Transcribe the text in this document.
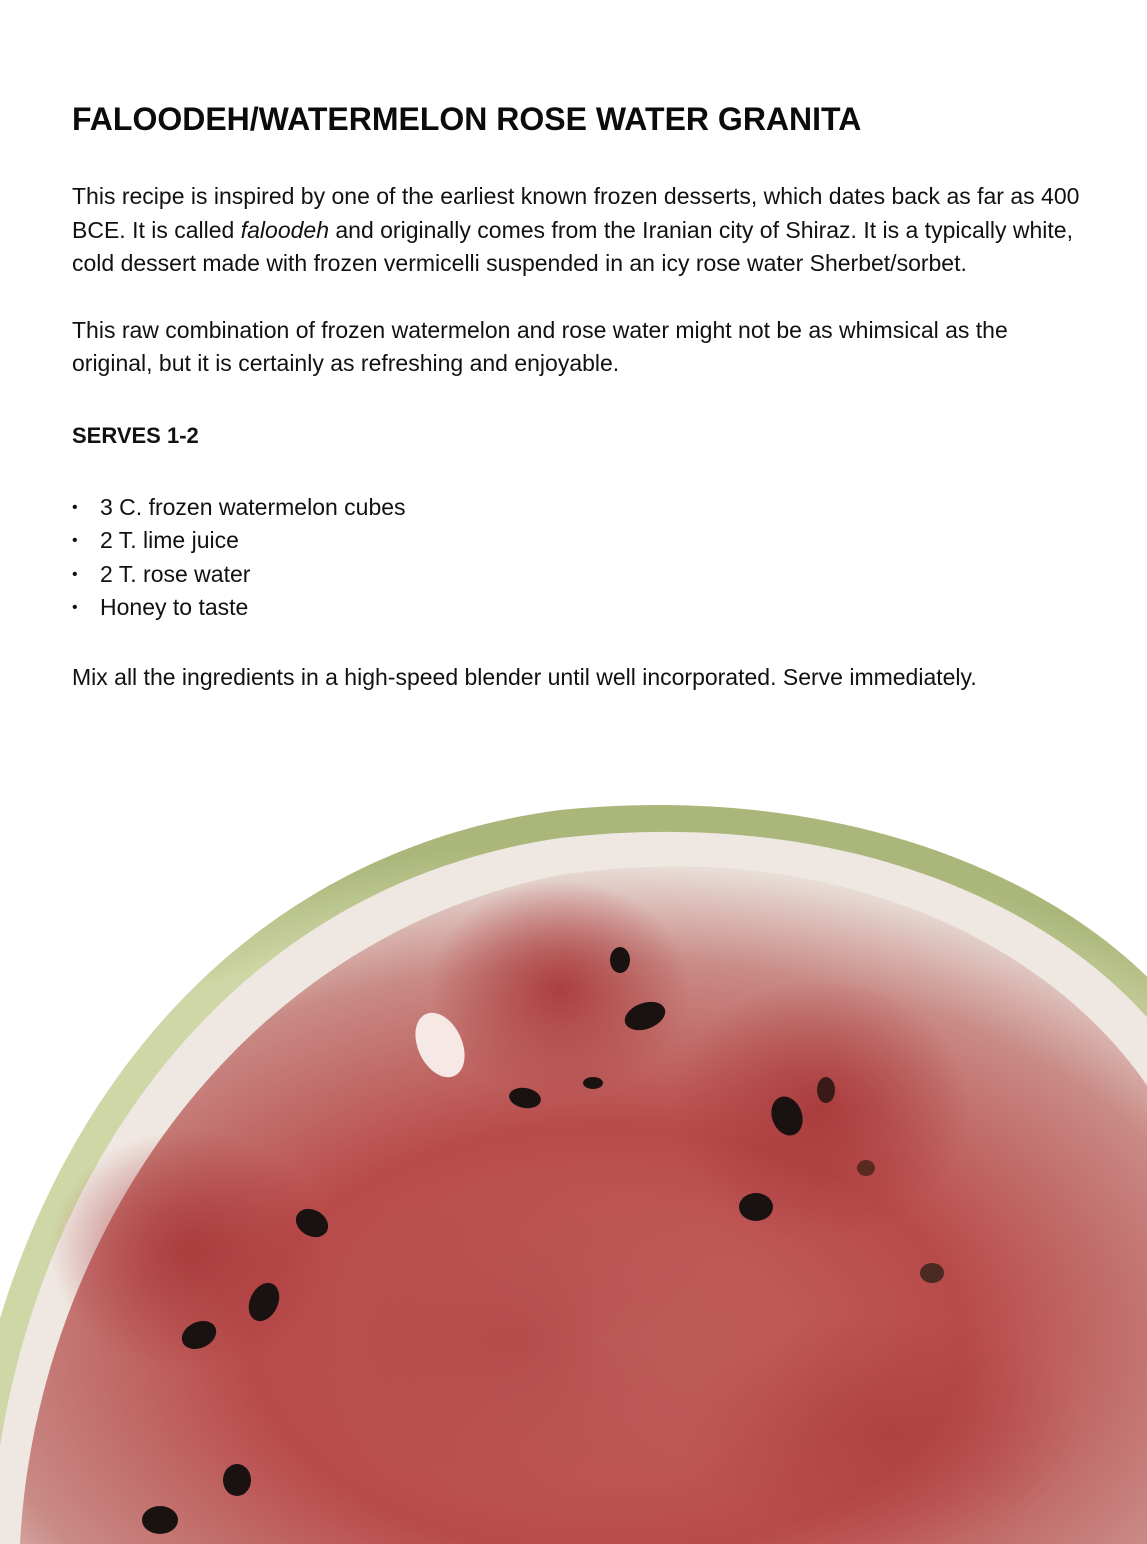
FALOODEH/WATERMELON ROSE WATER GRANITA

This recipe is inspired by one of the earliest known frozen desserts, which dates back as far as 400 BCE. It is called faloodeh and originally comes from the Iranian city of Shiraz. It is a typically white, cold dessert made with frozen vermicelli suspended in an icy rose water Sherbet/sorbet.

This raw combination of frozen watermelon and rose water might not be as whimsical as the original, but it is certainly as refreshing and enjoyable.

SERVES 1-2
• 3 C. frozen watermelon cubes
• 2 T. lime juice
• 2 T. rose water
• Honey to taste

Mix all the ingredients in a high-speed blender until well incorporated. Serve immediately.
